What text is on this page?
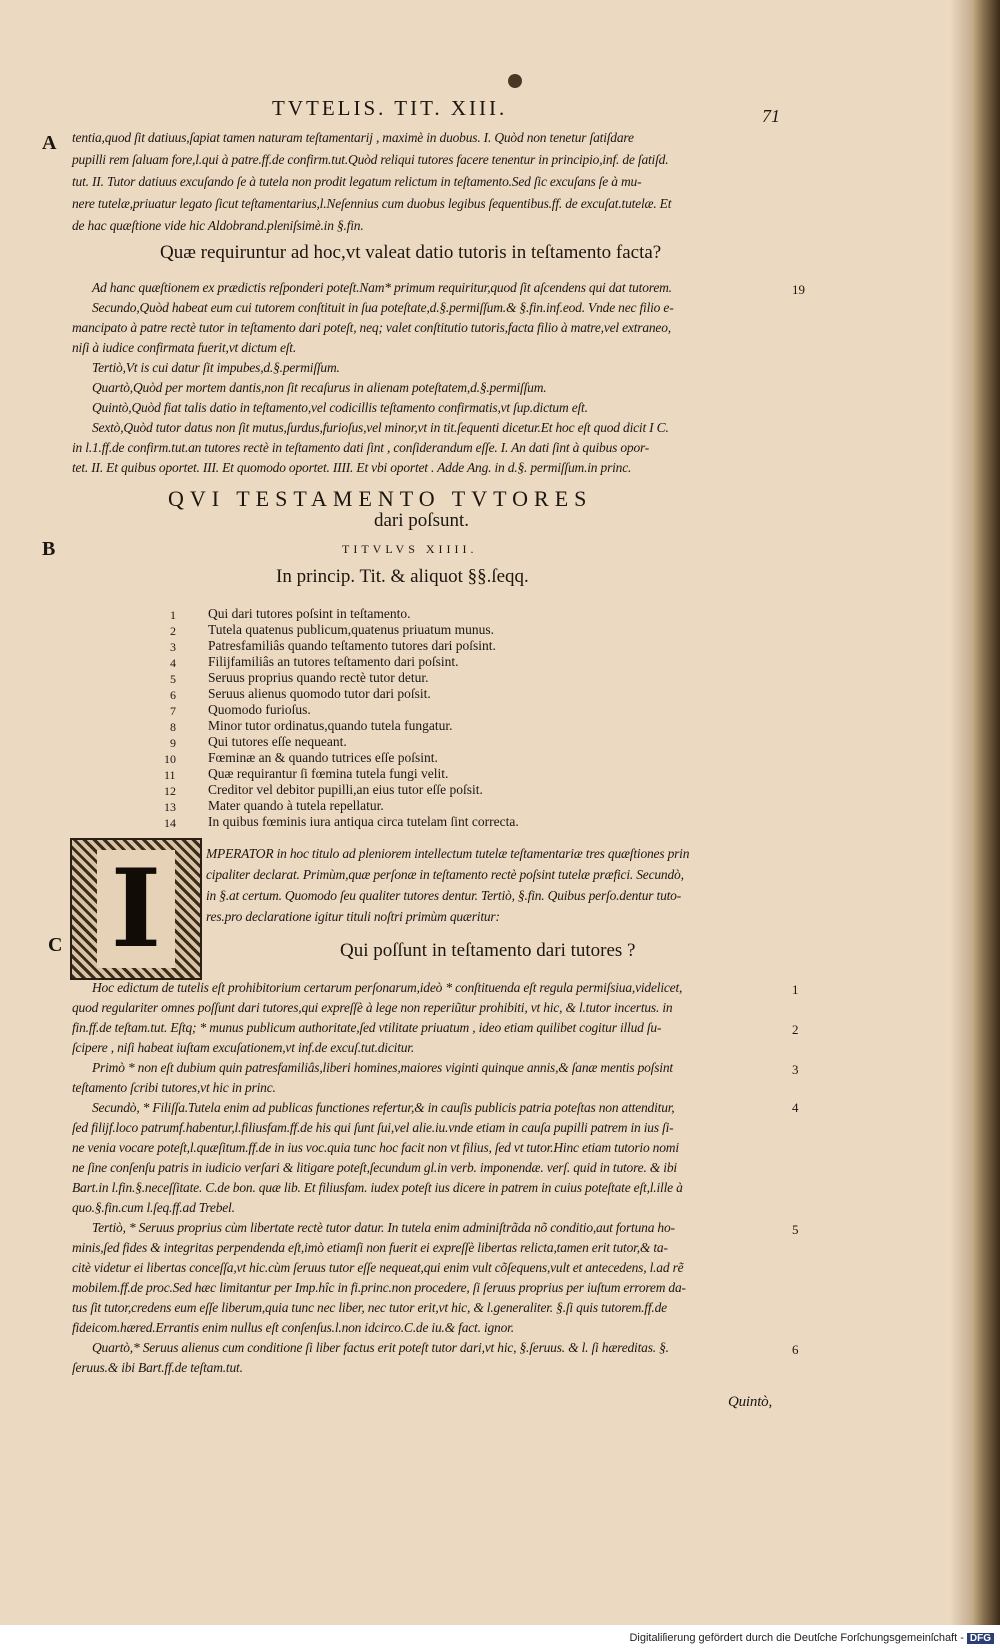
TVTELIS. TIT. XIII.	71
A
B
C
tentia,quod ſit datiuus,ſapiat tamen naturam teſtamentarij , maximè in duobus. I. Quòd non tenetur ſatiſdare
pupilli rem ſaluam fore,l.qui à patre.ff.de confirm.tut.Quòd reliqui tutores facere tenentur in principio,inf. de ſatiſd.
tut. II. Tutor datiuus excuſando ſe à tutela non prodit legatum relictum in teſtamento.Sed ſic excuſans ſe à mu-
nere tutelæ,priuatur legato ſicut teſtamentarius,l.Neſennius cum duobus legibus ſequentibus.ff. de excuſat.tutelæ. Et
de hac quæſtione vide hic Aldobrand.pleniſsimè.in §.fin.
Quæ requiruntur ad hoc,vt valeat datio tutoris in teſtamento facta?
Ad hanc quæſtionem ex prædictis reſponderi poteſt.Nam* primum requiritur,quod ſit aſcendens qui dat tutorem.
Secundo,Quòd habeat eum cui tutorem conſtituit in ſua poteſtate,d.§.permiſſum.& §.fin.inf.eod. Vnde nec filio e-
mancipato à patre rectè tutor in teſtamento dari poteſt, neq; valet conſtitutio tutoris,facta filio à matre,vel extraneo,
niſi à iudice confirmata fuerit,vt dictum eſt.
Tertiò,Vt is cui datur ſit impubes,d.§.permiſſum.
Quartò,Quòd per mortem dantis,non ſit recaſurus in alienam poteſtatem,d.§.permiſſum.
Quintò,Quòd fiat talis datio in teſtamento,vel codicillis teſtamento confirmatis,vt ſup.dictum eſt.
Sextò,Quòd tutor datus non ſit mutus,ſurdus,furioſus,vel minor,vt in tit.ſequenti dicetur.Et hoc eſt quod dicit I C.
in l.1.ff.de confirm.tut.an tutores rectè in teſtamento dati ſint , conſiderandum eſſe. I. An dati ſint à quibus opor-
tet. II. Et quibus oportet. III. Et quomodo oportet. IIII. Et vbi oportet . Adde Ang. in d.§. permiſſum.in princ.
19
QVI TESTAMENTO TVTORES
dari poſsunt.
TITVLVS XIIII.
In princip. Tit. & aliquot §§.ſeqq.
1 Qui dari tutores poſsint in teſtamento.
2 Tutela quatenus publicum,quatenus priuatum munus.
3 Patresfamiliâs quando teſtamento tutores dari poſsint.
4 Filijfamiliâs an tutores teſtamento dari poſsint.
5 Seruus proprius quando rectè tutor detur.
6 Seruus alienus quomodo tutor dari poſsit.
7 Quomodo furioſus.
8 Minor tutor ordinatus,quando tutela fungatur.
9 Qui tutores eſſe nequeant.
10 Fœminæ an & quando tutrices eſſe poſsint.
11 Quæ requirantur ſi fœmina tutela fungi velit.
12 Creditor vel debitor pupilli,an eius tutor eſſe poſsit.
13 Mater quando à tutela repellatur.
14 In quibus fœminis iura antiqua circa tutelam ſint correcta.
I	MPERATOR in hoc titulo ad pleniorem intellectum tutelæ teſtamentariæ tres quæſtiones prin
cipaliter declarat. Primùm,quæ perſonæ in teſtamento rectè poſsint tutelæ præfici. Secundò,
in §.at certum. Quomodo ſeu qualiter tutores dentur. Tertiò, §.fin. Quibus perſo.dentur tuto-
res.pro declaratione igitur tituli noſtri primùm quæritur:
Qui poſſunt in teſtamento dari tutores ?
Hoc edictum de tutelis eſt prohibitorium certarum perſonarum,ideò * conſtituenda eſt regula permiſsiua,videlicet,
quod regulariter omnes poſſunt dari tutores,qui expreſſè à lege non reperiũtur prohibiti, vt hic, & l.tutor incertus. in
fin.ff.de teſtam.tut. Eſtq; * munus publicum authoritate,ſed vtilitate priuatum , ideo etiam quilibet cogitur illud ſu-
ſcipere , niſi habeat iuſtam excuſationem,vt inf.de excuſ.tut.dicitur.
Primò * non eſt dubium quin patresfamiliâs,liberi homines,maiores viginti quinque annis,& ſanæ mentis poſsint
teſtamento ſcribi tutores,vt hic in princ.
Secundò, * Filiſſa.Tutela enim ad publicas functiones refertur,& in cauſis publicis patria poteſtas non attenditur,
ſed filijf.loco patrumf.habentur,l.filiusfam.ff.de his qui ſunt ſui,vel alie.iu.vnde etiam in cauſa pupilli patrem in ius ſi-
ne venia vocare poteſt,l.quæſitum.ff.de in ius voc.quia tunc hoc facit non vt filius, ſed vt tutor.Hinc etiam tutorio nomi
ne ſine conſenſu patris in iudicio verſari & litigare poteſt,ſecundum gl.in verb. imponendæ. verſ. quid in tutore. & ibi
Bart.in l.fin.§.neceſſitate. C.de bon. quæ lib. Et filiusfam. iudex poteſt ius dicere in patrem in cuius poteſtate eſt,l.ille à
quo.§.fin.cum l.ſeq.ff.ad Trebel.
Tertiò, * Seruus proprius cùm libertate rectè tutor datur. In tutela enim adminiſtrãda nõ conditio,aut fortuna ho-
minis,ſed fides & integritas perpendenda eſt,imò etiamſi non fuerit ei expreſſè libertas relicta,tamen erit tutor,& ta-
citè videtur ei libertas conceſſa,vt hic.cùm ſeruus tutor eſſe nequeat,qui enim vult cõſequens,vult et antecedens, l.ad rẽ
mobilem.ff.de proc.Sed hæc limitantur per Imp.hîc in fi.princ.non procedere, ſi ſeruus proprius per iuſtum errorem da-
tus ſit tutor,credens eum eſſe liberum,quia tunc nec liber, nec tutor erit,vt hic, & l.generaliter. §.ſi quis tutorem.ff.de
fideicom.hæred.Errantis enim nullus eſt conſenſus.l.non idcirco.C.de iu.& fact. ignor.
Quartò,* Seruus alienus cum conditione ſi liber factus erit poteſt tutor dari,vt hic, §.ſeruus. & l. ſi hæreditas. §.
ſeruus.& ibi Bart.ff.de teſtam.tut.
1
2
3
4
5
6
Quintò,
Digitaliſierung gefördert durch die Deutſche Forſchungsgemeinſchaft - DFG
